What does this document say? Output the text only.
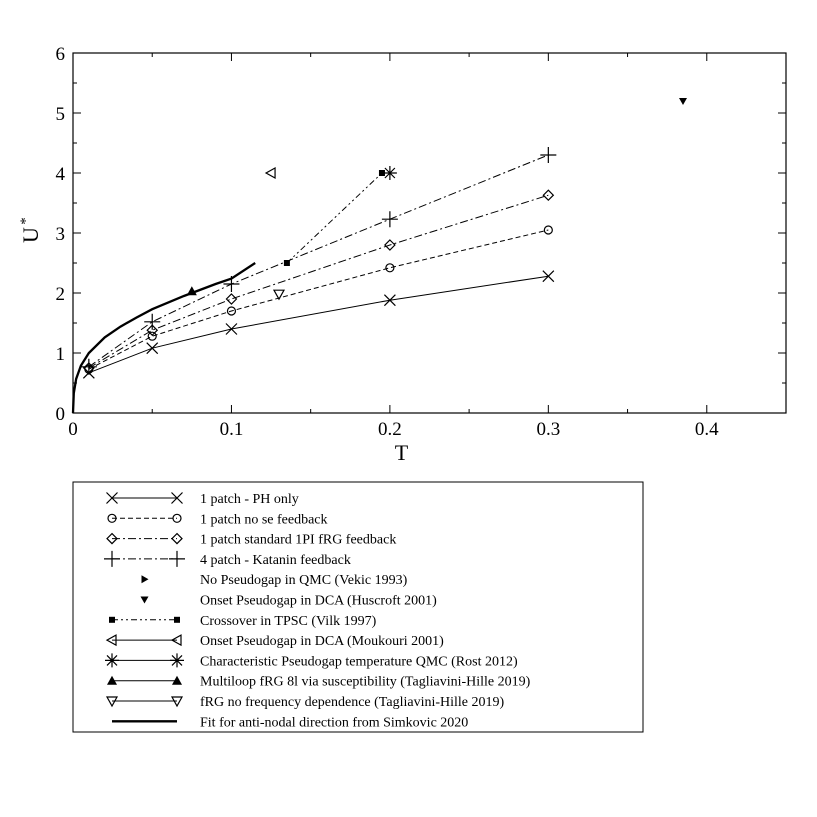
0	0.1	0.2	0.3	0.4
0
1
2
3
4
5
6
T
U
*
1 patch - PH only
1 patch no se feedback
1 patch standard 1PI fRG feedback
4 patch - Katanin feedback
No Pseudogap in QMC (Vekic 1993)
Onset Pseudogap in DCA (Huscroft 2001)
Crossover in TPSC (Vilk 1997)
Onset Pseudogap in DCA (Moukouri 2001)
Characteristic Pseudogap temperature QMC (Rost 2012)
Multiloop fRG 8l via susceptibility (Tagliavini-Hille 2019)
fRG no frequency dependence (Tagliavini-Hille 2019)
Fit for anti-nodal direction from Simkovic 2020
